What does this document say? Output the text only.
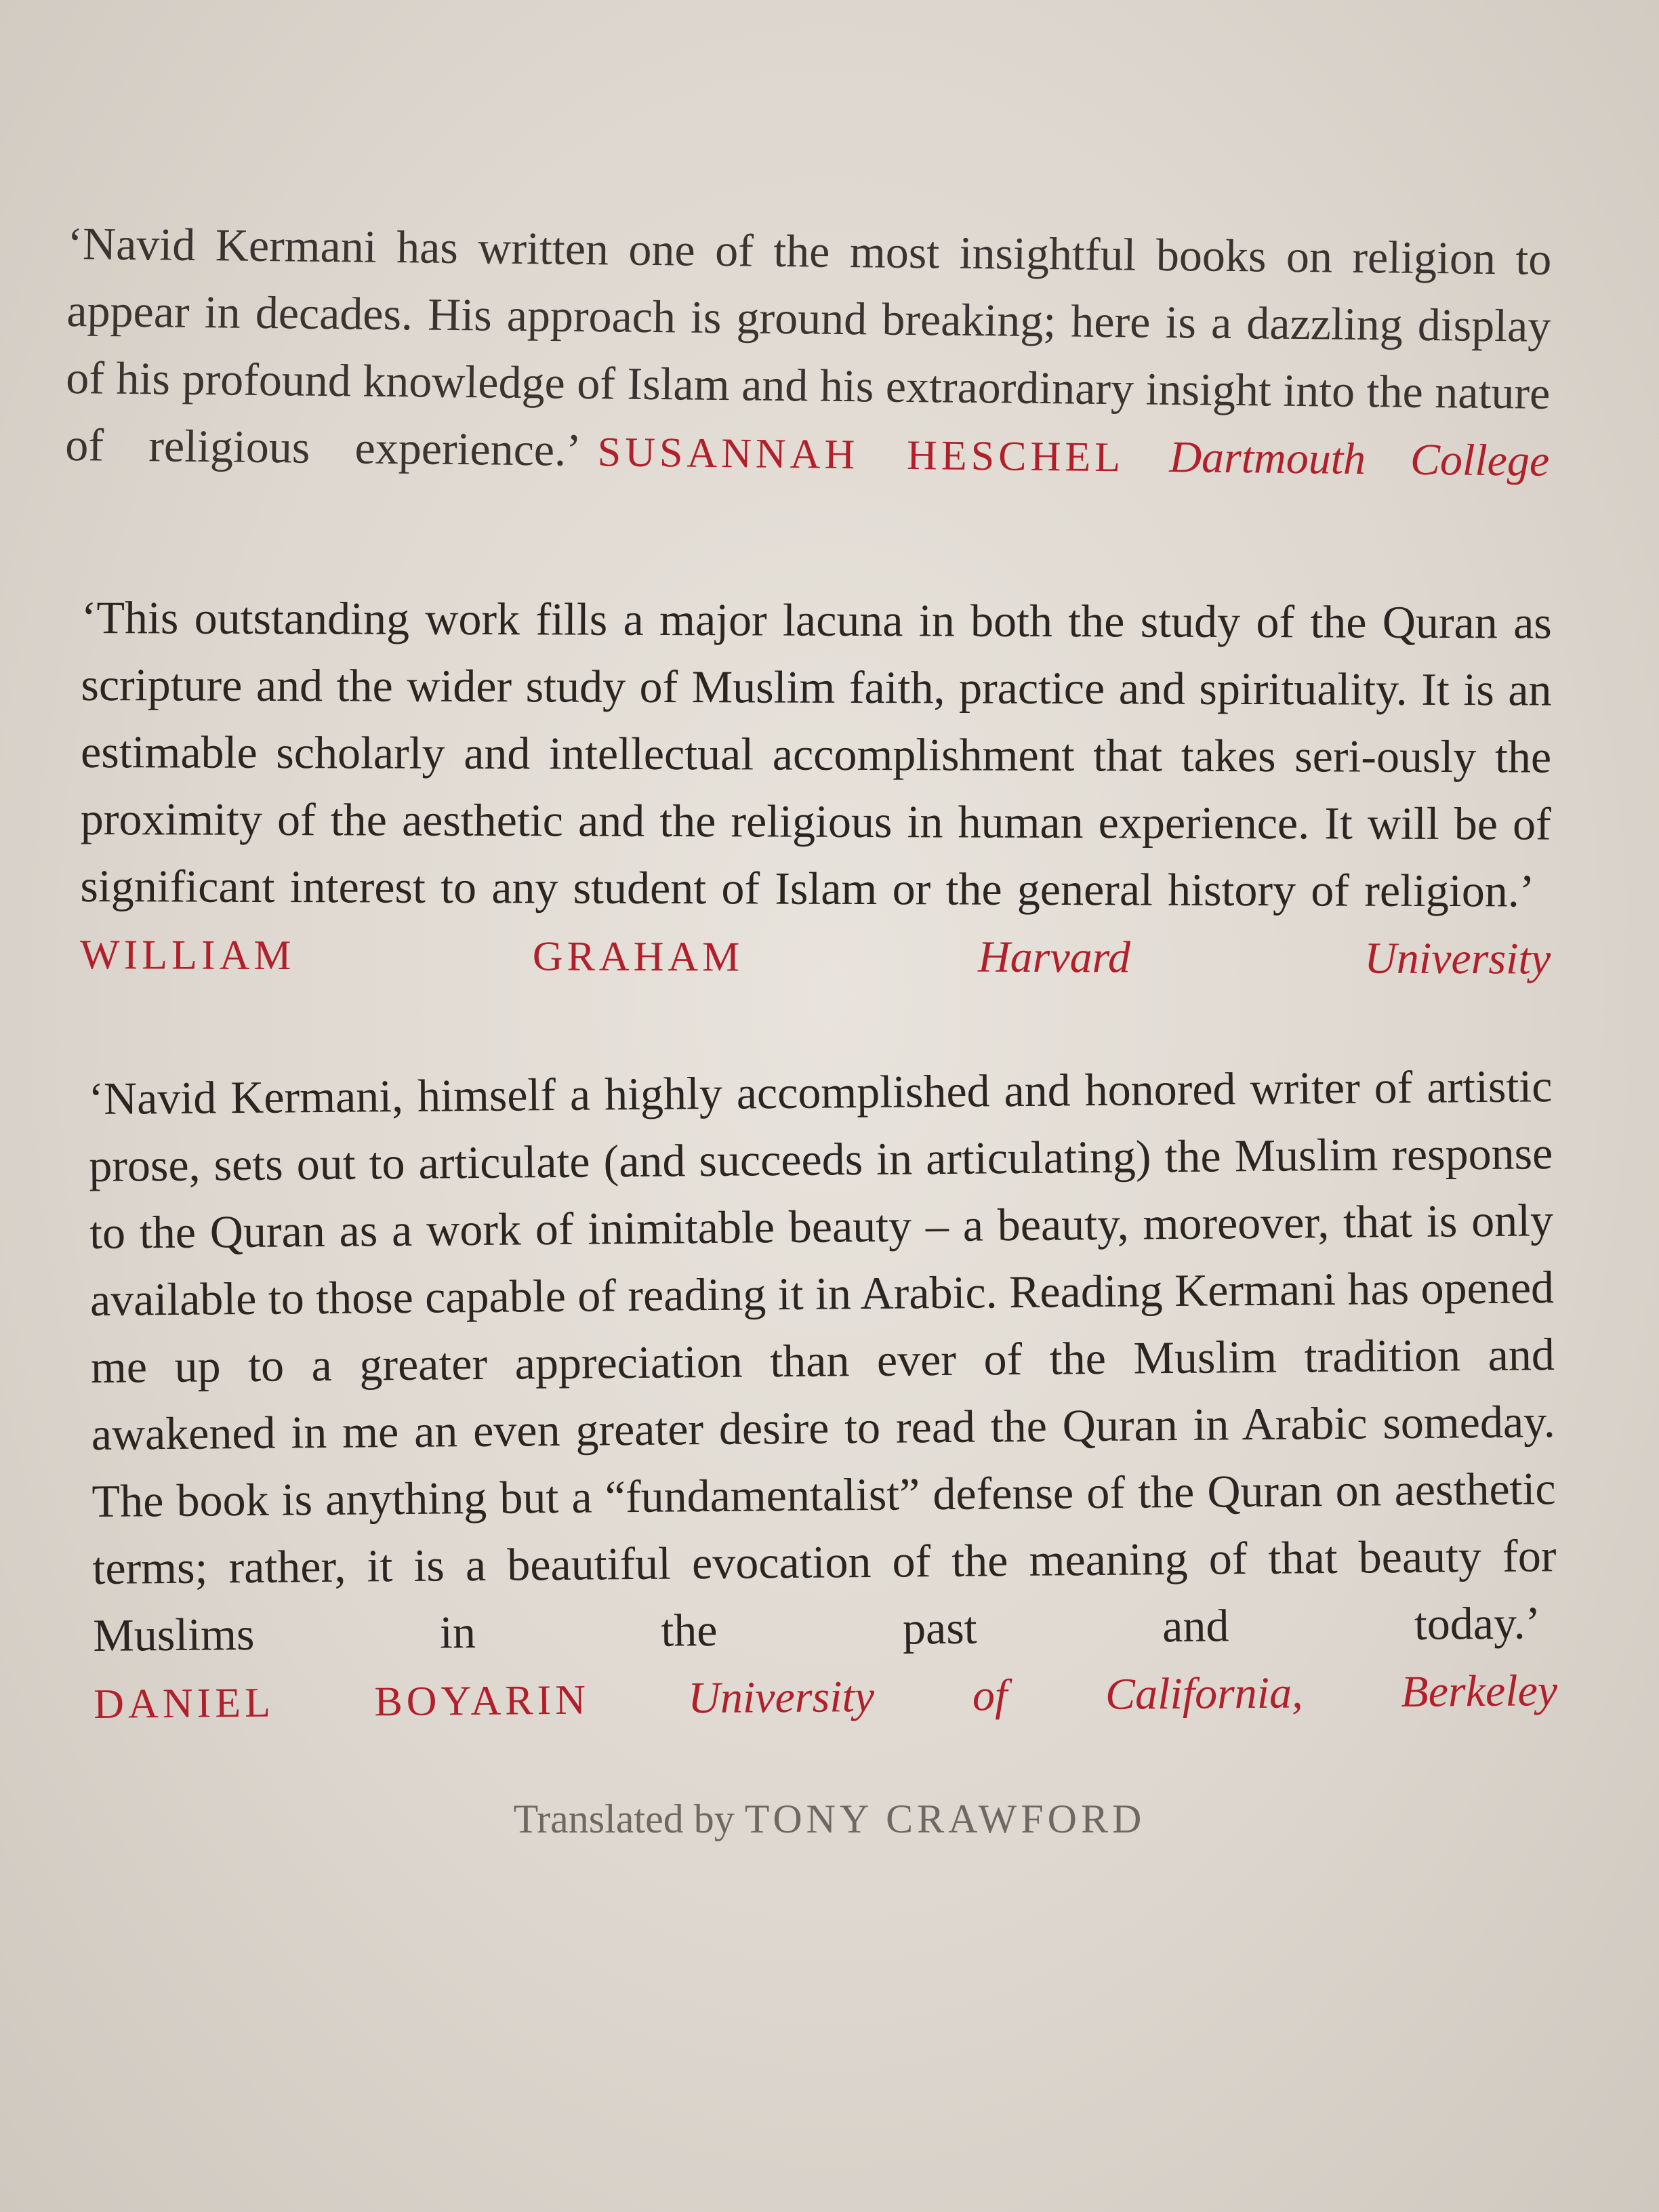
‘Navid Kermani has written one of the most insightful books on religion to appear in decades. His approach is ground breaking; here is a dazzling display of his profound knowledge of Islam and his extraordinary insight into the nature of religious experience.’ SUSANNAH HESCHEL Dartmouth College
‘This outstanding work fills a major lacuna in both the study of the Quran as scripture and the wider study of Muslim faith, practice and spirituality. It is an estimable scholarly and intellectual accomplishment that takes seri-ously the proximity of the aesthetic and the religious in human experience. It will be of significant interest to any student of Islam or the general history of religion.’WILLIAM GRAHAM	Harvard University
‘Navid Kermani, himself a highly accomplished and honored writer of artistic prose, sets out to articulate (and succeeds in articulating) the Muslim response to the Quran as a work of inimitable beauty – a beauty, moreover, that is only available to those capable of reading it in Arabic. Reading Kermani has opened me up to a greater appreciation than ever of the Muslim tradition and awakened in me an even greater desire to read the Quran in Arabic someday. The book is anything but a “fundamentalist” defense of the Quran on aesthetic terms; rather, it is a beautiful evocation of the meaning of that beauty for Muslims in the past and today.’DANIEL BOYARIN University of California, Berkeley
Translated by TONY CRAWFORD
